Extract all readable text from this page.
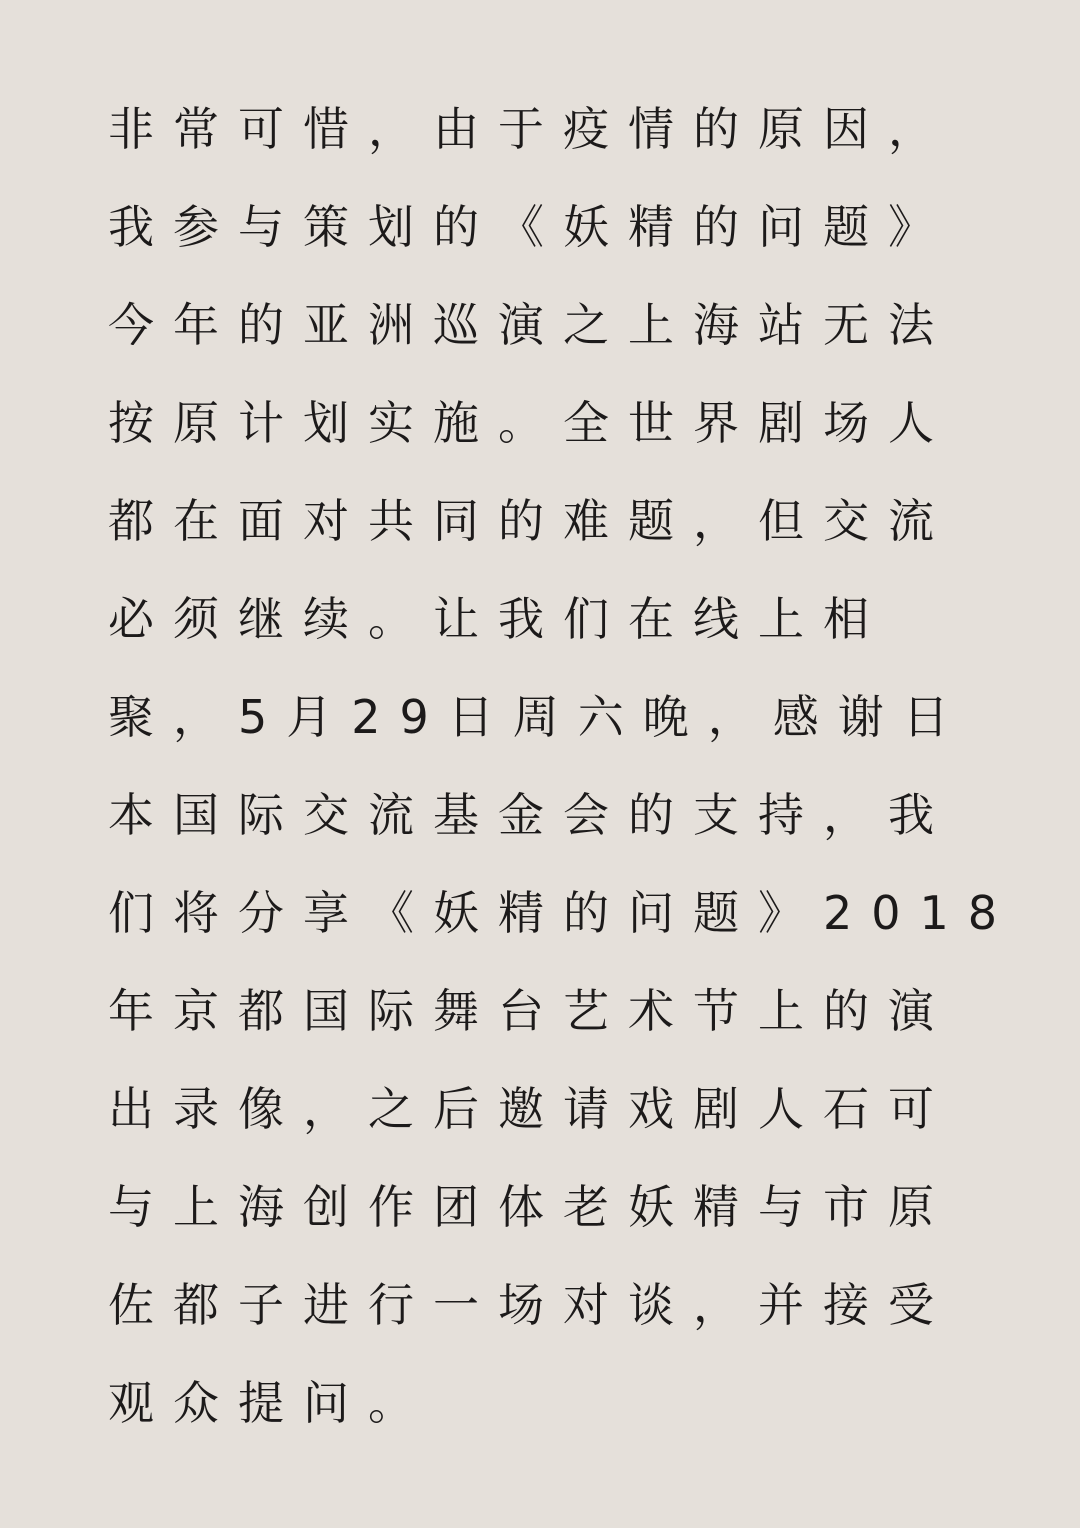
非常可惜，由于疫情的原因，
我参与策划的《妖精的问题》
今年的亚洲巡演之上海站无法
按原计划实施。全世界剧场人
都在面对共同的难题，但交流
必须继续。让我们在线上相
聚，5月29日周六晚，感谢日
本国际交流基金会的支持，我
们将分享《妖精的问题》2018
年京都国际舞台艺术节上的演
出录像，之后邀请戏剧人石可
与上海创作团体老妖精与市原
佐都子进行一场对谈，并接受
观众提问。
